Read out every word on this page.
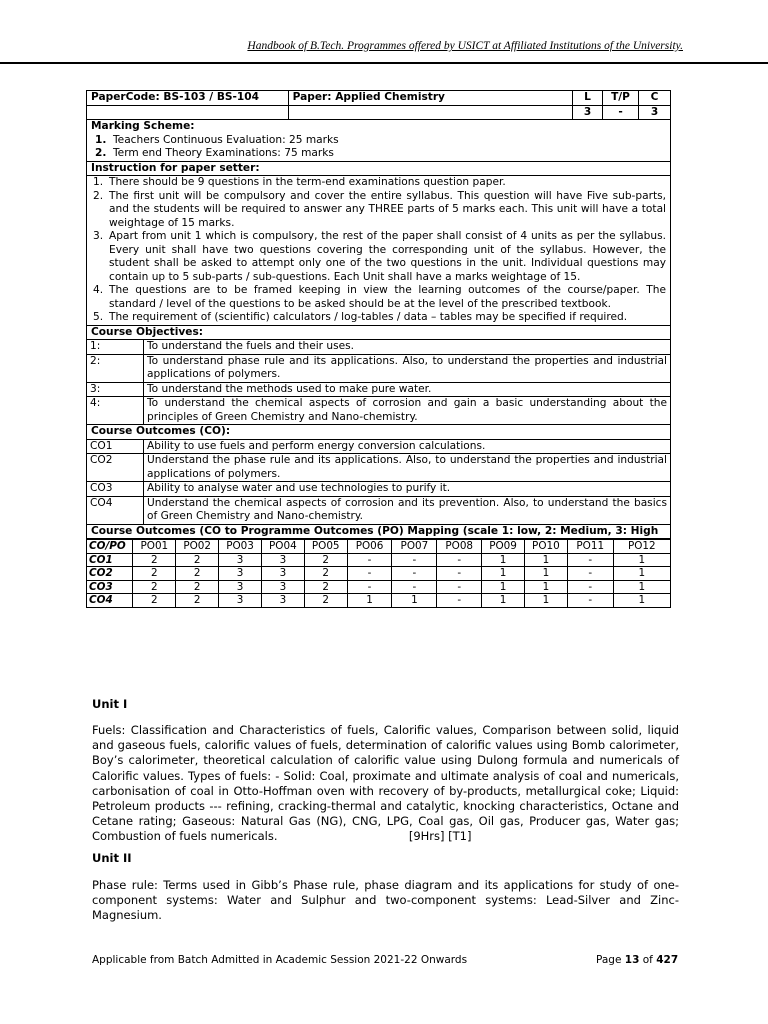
Handbook of B.Tech. Programmes offered by USICT at Affiliated Institutions of the University.
PaperCode: BS-103 / BS-104	Paper: Applied Chemistry	L	T/P	C
		3	-	3

Marking Scheme:
1. Teachers Continuous Evaluation: 25 marks
2. Term end Theory Examinations: 75 marks

Instruction for paper setter:

1. There should be 9 questions in the term-end examinations question paper.
2. The first unit will be compulsory and cover the entire syllabus. This question will have Five sub-parts, and the students will be required to answer any THREE parts of 5 marks each. This unit will have a total weightage of 15 marks.
3. Apart from unit 1 which is compulsory, the rest of the paper shall consist of 4 units as per the syllabus. Every unit shall have two questions covering the corresponding unit of the syllabus. However, the student shall be asked to attempt only one of the two questions in the unit. Individual questions may contain up to 5 sub-parts / sub-questions. Each Unit shall have a marks weightage of 15.
4. The questions are to be framed keeping in view the learning outcomes of the course/paper. The standard / level of the questions to be asked should be at the level of the prescribed textbook.
5. The requirement of (scientific) calculators / log-tables / data – tables may be specified if required.

Course Objectives:

1:	To understand the fuels and their uses.
2:	To understand phase rule and its applications. Also, to understand the properties and industrial applications of polymers.
3:	To understand the methods used to make pure water.
4:	To understand the chemical aspects of corrosion and gain a basic understanding about the principles of Green Chemistry and Nano-chemistry.

Course Outcomes (CO):

CO1	Ability to use fuels and perform energy conversion calculations.
CO2	Understand the phase rule and its applications. Also, to understand the properties and industrial applications of polymers.
CO3	Ability to analyse water and use technologies to purify it.
CO4	Understand the chemical aspects of corrosion and its prevention. Also, to understand the basics of Green Chemistry and Nano-chemistry.

Course Outcomes (CO to Programme Outcomes (PO) Mapping (scale 1: low, 2: Medium, 3: High

CO/PO	PO01	PO02	PO03	PO04	PO05	PO06	PO07	PO08	PO09	PO10	PO11	PO12
CO1	2	2	3	3	2	-	-	-	1	1	-	1
CO2	2	2	3	3	2	-	-	-	1	1	-	1
CO3	2	2	3	3	2	-	-	-	1	1	-	1
CO4	2	2	3	3	2	1	1	-	1	1	-	1
Unit I
Fuels: Classification and Characteristics of fuels, Calorific values, Comparison between solid, liquid and gaseous fuels, calorific values of fuels, determination of calorific values using Bomb calorimeter, Boy’s calorimeter, theoretical calculation of calorific value using Dulong formula and numericals of Calorific values. Types of fuels: - Solid: Coal, proximate and ultimate analysis of coal and numericals, carbonisation of coal in Otto-Hoffman oven with recovery of by-products, metallurgical coke; Liquid: Petroleum products --- refining, cracking-thermal and catalytic, knocking characteristics, Octane and Cetane rating; Gaseous: Natural Gas (NG), CNG, LPG, Coal gas, Oil gas, Producer gas, Water gas; Combustion of fuels numericals.	[9Hrs] [T1]
Unit II
Phase rule: Terms used in Gibb’s Phase rule, phase diagram and its applications for study of one-component systems: Water and Sulphur and two-component systems: Lead-Silver and Zinc-Magnesium.
Applicable from Batch Admitted in Academic Session 2021-22 Onwards	Page 13 of 427
